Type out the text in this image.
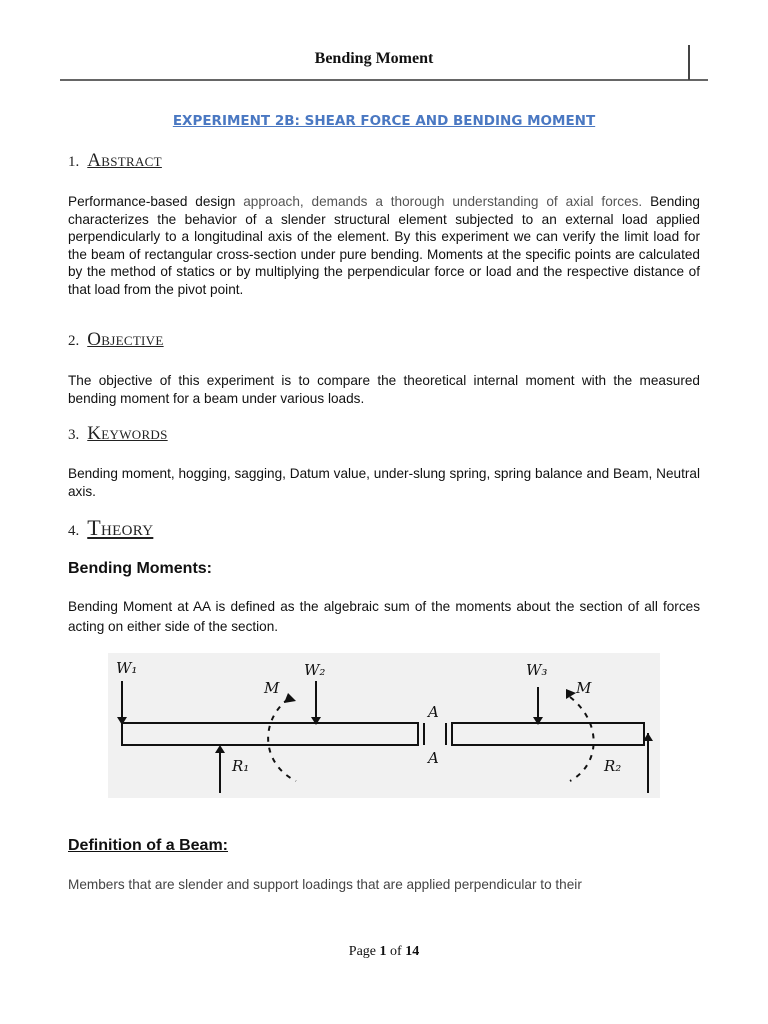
Bending Moment
EXPERIMENT 2B: SHEAR FORCE AND BENDING MOMENT
1. Abstract
Performance-based design approach, demands a thorough understanding of axial forces. Bending characterizes the behavior of a slender structural element subjected to an external load applied perpendicularly to a longitudinal axis of the element. By this experiment we can verify the limit load for the beam of rectangular cross-section under pure bending. Moments at the specific points are calculated by the method of statics or by multiplying the perpendicular force or load and the respective distance of that load from the pivot point.
2. Objective
The objective of this experiment is to compare the theoretical internal moment with the measured bending moment for a beam under various loads.
3. Keywords
Bending moment, hogging, sagging, Datum value, under-slung spring, spring balance and Beam, Neutral axis.
4. Theory
Bending Moments:
Bending Moment at AA is defined as the algebraic sum of the moments about the section of all forces acting on either side of the section.
W₁	W₂	W₃
M	M
A
A
R₁	R₂
Definition of a Beam:
Members that are slender and support loadings that are applied perpendicular to their
Page 1 of 14
